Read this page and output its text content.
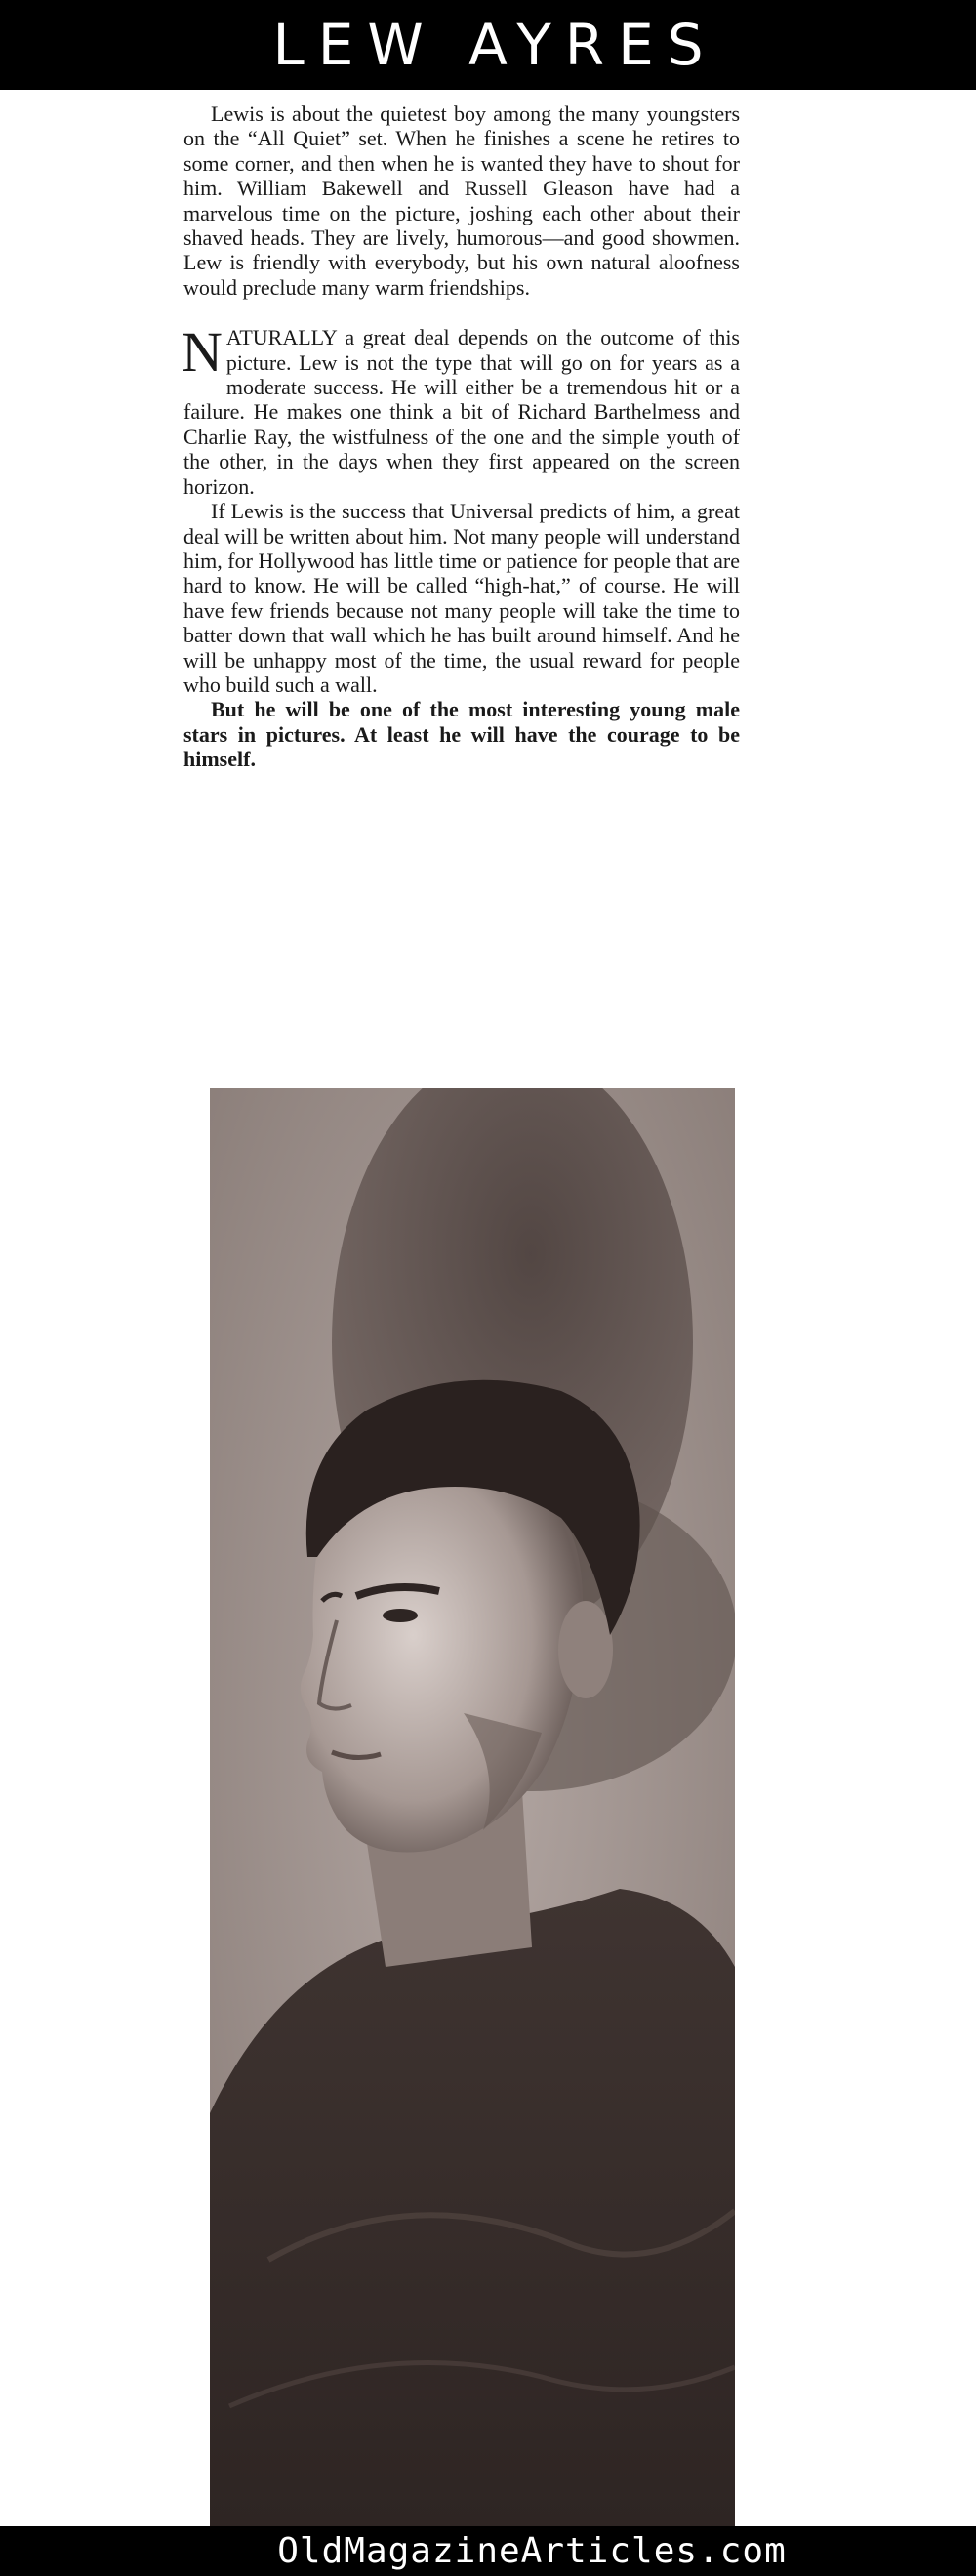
LEW AYRES

Lewis is about the quietest boy among the many youngsters on the “All Quiet” set. When he finishes a scene he retires to some corner, and then when he is wanted they have to shout for him. William Bakewell and Russell Gleason have had a marvelous time on the picture, joshing each other about their shaved heads. They are lively, humorous—and good showmen. Lew is friendly with everybody, but his own natural aloofness would preclude many warm friendships.

NATURALLY a great deal depends on the outcome of this picture. Lew is not the type that will go on for years as a moderate success. He will either be a tremendous hit or a failure. He makes one think a bit of Richard Barthelmess and Charlie Ray, the wistfulness of the one and the simple youth of the other, in the days when they first appeared on the screen horizon.

If Lewis is the success that Universal predicts of him, a great deal will be written about him. Not many people will understand him, for Hollywood has little time or patience for people that are hard to know. He will be called “high-hat,” of course. He will have few friends because not many people will take the time to batter down that wall which he has built around himself. And he will be unhappy most of the time, the usual reward for people who build such a wall.

But he will be one of the most interesting young male stars in pictures. At least he will have the courage to be himself.

OldMagazineArticles.com
